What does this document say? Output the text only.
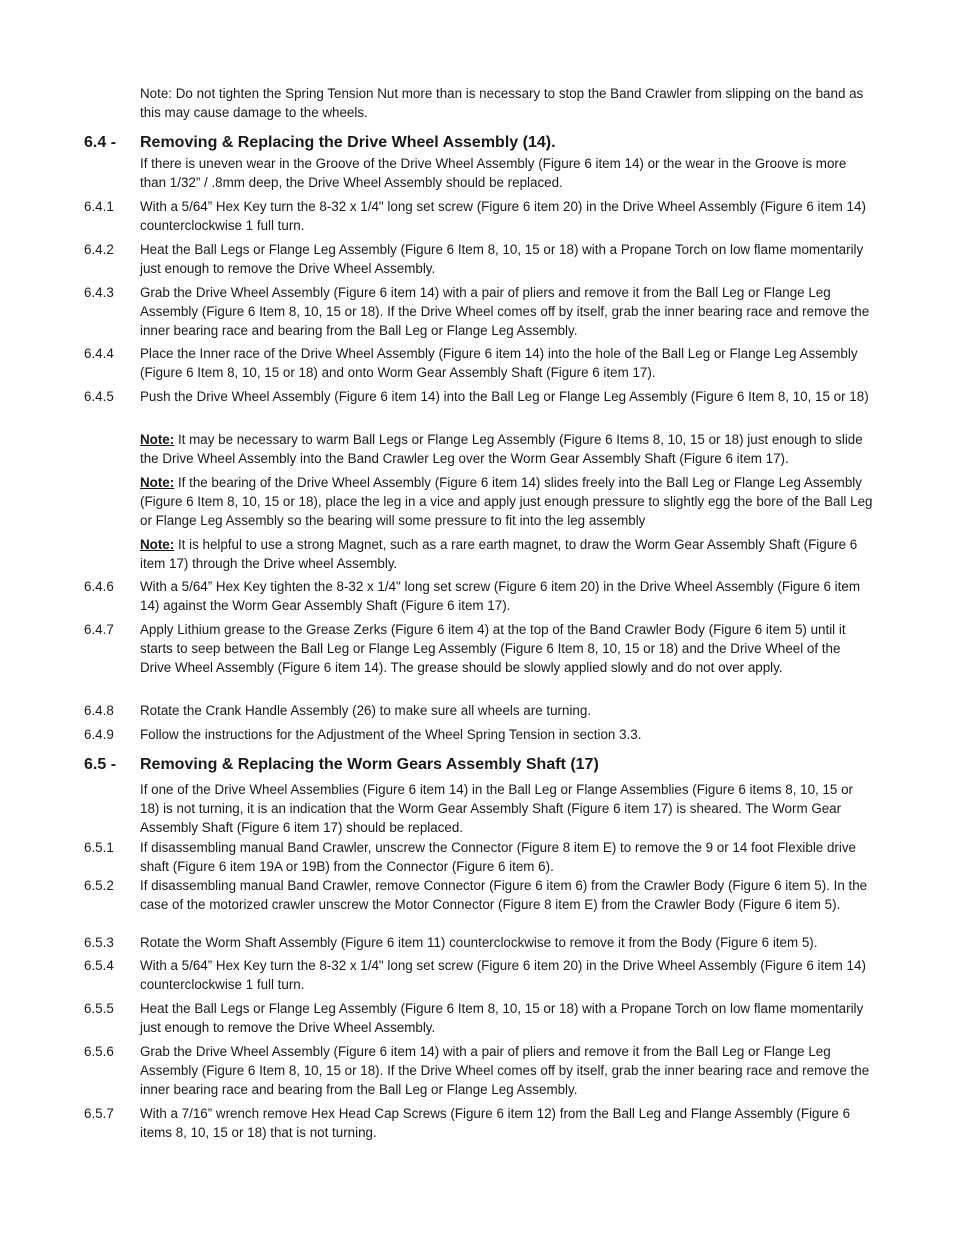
Note: Do not tighten the Spring Tension Nut more than is necessary to stop the Band Crawler from slipping on the band as this may cause damage to the wheels.

6.4 - Removing & Replacing the Drive Wheel Assembly (14).

If there is uneven wear in the Groove of the Drive Wheel Assembly (Figure 6 item 14) or the wear in the Groove is more than 1/32” / .8mm deep, the Drive Wheel Assembly should be replaced.

6.4.1	With a 5/64” Hex Key turn the 8-32 x 1/4" long set screw (Figure 6 item 20) in the Drive Wheel Assembly (Figure 6 item 14) counterclockwise 1 full turn.

6.4.2	Heat the Ball Legs or Flange Leg Assembly (Figure 6 Item 8, 10, 15 or 18) with a Propane Torch on low flame momentarily just enough to remove the Drive Wheel Assembly.

6.4.3	Grab the Drive Wheel Assembly (Figure 6 item 14) with a pair of pliers and remove it from the Ball Leg or Flange Leg Assembly (Figure 6 Item 8, 10, 15 or 18). If the Drive Wheel comes off by itself, grab the inner bearing race and remove the inner bearing race and bearing from the Ball Leg or Flange Leg Assembly.

6.4.4	Place the Inner race of the Drive Wheel Assembly (Figure 6 item 14) into the hole of the Ball Leg or Flange Leg Assembly (Figure 6 Item 8, 10, 15 or 18) and onto Worm Gear Assembly Shaft (Figure 6 item 17).

6.4.5	Push the Drive Wheel Assembly (Figure 6 item 14) into the Ball Leg or Flange Leg Assembly (Figure 6 Item 8, 10, 15 or 18)

Note: It may be necessary to warm Ball Legs or Flange Leg Assembly (Figure 6 Items 8, 10, 15 or 18) just enough to slide the Drive Wheel Assembly into the Band Crawler Leg over the Worm Gear Assembly Shaft (Figure 6 item 17).

Note: If the bearing of the Drive Wheel Assembly (Figure 6 item 14) slides freely into the Ball Leg or Flange Leg Assembly (Figure 6 Item 8, 10, 15 or 18), place the leg in a vice and apply just enough pressure to slightly egg the bore of the Ball Leg or Flange Leg Assembly so the bearing will some pressure to fit into the leg assembly

Note: It is helpful to use a strong Magnet, such as a rare earth magnet, to draw the Worm Gear Assembly Shaft (Figure 6 item 17) through the Drive wheel Assembly.

6.4.6	With a 5/64” Hex Key tighten the 8-32 x 1/4" long set screw (Figure 6 item 20) in the Drive Wheel Assembly (Figure 6 item 14) against the Worm Gear Assembly Shaft (Figure 6 item 17).

6.4.7	Apply Lithium grease to the Grease Zerks (Figure 6 item 4) at the top of the Band Crawler Body (Figure 6 item 5) until it starts to seep between the Ball Leg or Flange Leg Assembly (Figure 6 Item 8, 10, 15 or 18) and the Drive Wheel of the Drive Wheel Assembly (Figure 6 item 14). The grease should be slowly applied slowly and do not over apply.

6.4.8	Rotate the Crank Handle Assembly (26) to make sure all wheels are turning.

6.4.9	Follow the instructions for the Adjustment of the Wheel Spring Tension in section 3.3.

6.5 - Removing & Replacing the Worm Gears Assembly Shaft (17)

If one of the Drive Wheel Assemblies (Figure 6 item 14) in the Ball Leg or Flange Assemblies (Figure 6 items 8, 10, 15 or 18) is not turning, it is an indication that the Worm Gear Assembly Shaft (Figure 6 item 17) is sheared. The Worm Gear Assembly Shaft (Figure 6 item 17) should be replaced.

6.5.1	If disassembling manual Band Crawler, unscrew the Connector (Figure 8 item E) to remove the 9 or 14 foot Flexible drive shaft (Figure 6 item 19A or 19B) from the Connector (Figure 6 item 6).

6.5.2	If disassembling manual Band Crawler, remove Connector (Figure 6 item 6) from the Crawler Body (Figure 6 item 5). In the case of the motorized crawler unscrew the Motor Connector (Figure 8 item E) from the Crawler Body (Figure 6 item 5).

6.5.3	Rotate the Worm Shaft Assembly (Figure 6 item 11) counterclockwise to remove it from the Body (Figure 6 item 5).

6.5.4	With a 5/64” Hex Key turn the 8-32 x 1/4" long set screw (Figure 6 item 20) in the Drive Wheel Assembly (Figure 6 item 14) counterclockwise 1 full turn.

6.5.5	Heat the Ball Legs or Flange Leg Assembly (Figure 6 Item 8, 10, 15 or 18) with a Propane Torch on low flame momentarily just enough to remove the Drive Wheel Assembly.

6.5.6	Grab the Drive Wheel Assembly (Figure 6 item 14) with a pair of pliers and remove it from the Ball Leg or Flange Leg Assembly (Figure 6 Item 8, 10, 15 or 18). If the Drive Wheel comes off by itself, grab the inner bearing race and remove the inner bearing race and bearing from the Ball Leg or Flange Leg Assembly.

6.5.7	With a 7/16” wrench remove Hex Head Cap Screws (Figure 6 item 12) from the Ball Leg and Flange Assembly (Figure 6 items 8, 10, 15 or 18) that is not turning.
